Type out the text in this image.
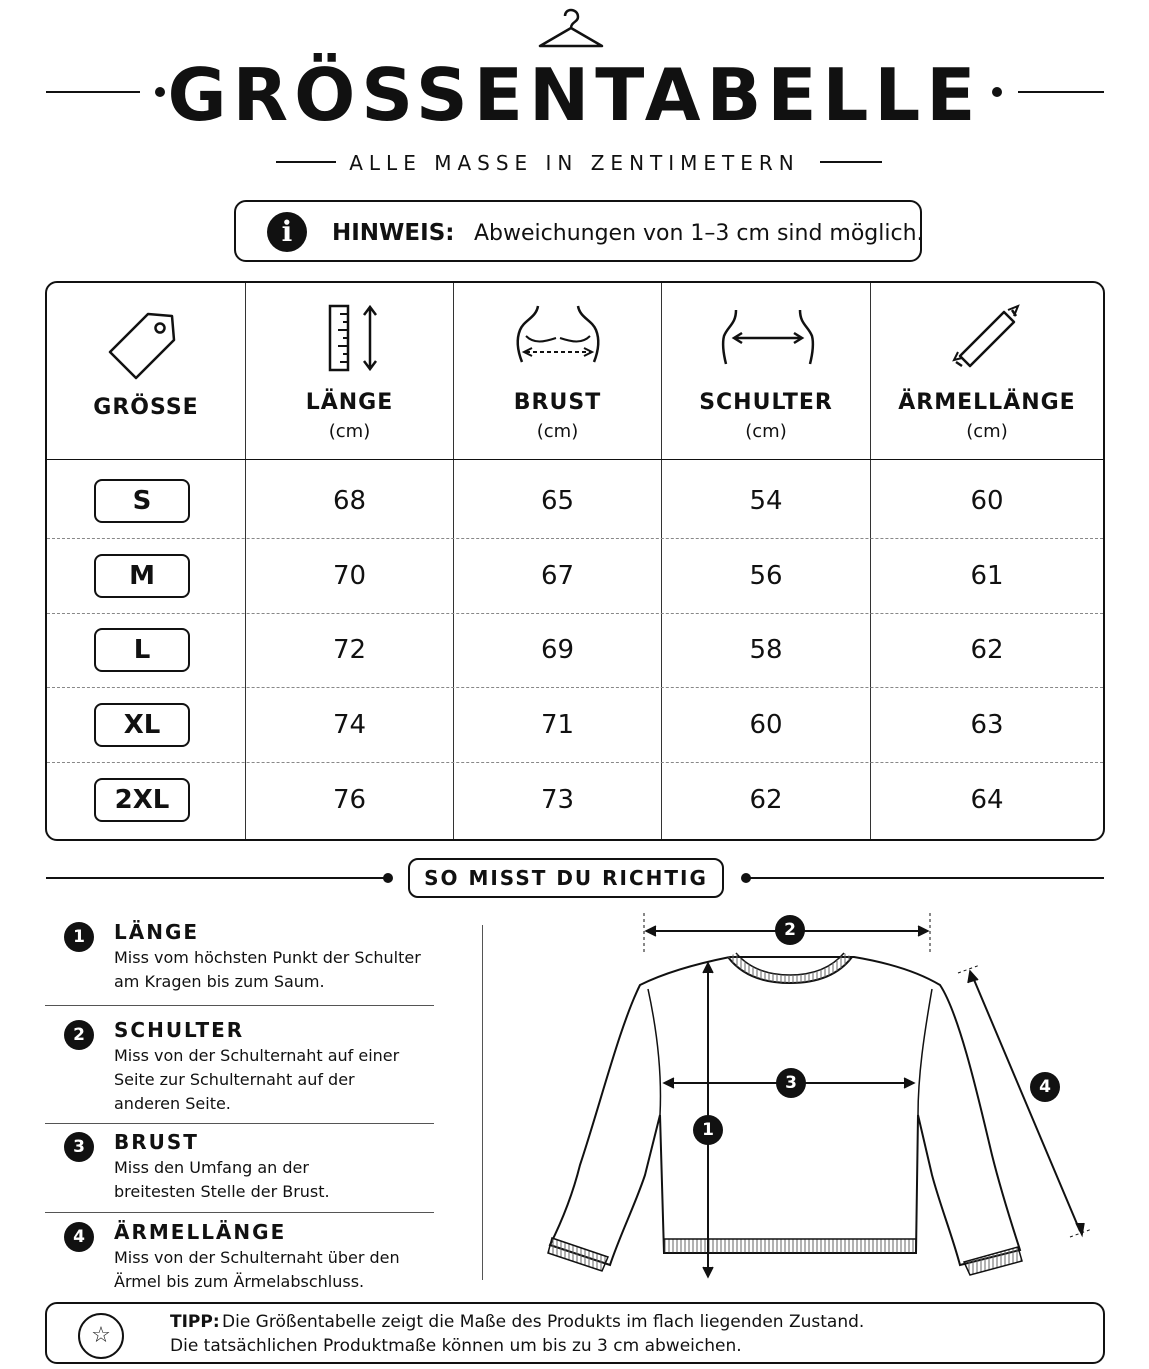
GRÖSSENTABELLE
ALLE MASSE IN ZENTIMETERN
i	HINWEIS: Abweichungen von 1–3 cm sind möglich.
GRÖSSE	LÄNGE
(cm)
BRUST
(cm)
SCHULTER
(cm)
ÄRMELLÄNGE
(cm)
S	68	65	54	60
M	70	67	56	61
L	72	69	58	62
XL	74	71	60	63
2XL	76	73	62	64
SO MISST DU RICHTIG
1	LÄNGE
Miss vom höchsten Punkt der Schulter
am Kragen bis zum Saum.
2	SCHULTER
Miss von der Schulternaht auf einer
Seite zur Schulternaht auf der
anderen Seite.
3	BRUST
Miss den Umfang an der
breitesten Stelle der Brust.
4	ÄRMELLÄNGE
Miss von der Schulternaht über den
Ärmel bis zum Ärmelabschluss.
2
1
3	4
☆
TIPP: Die Größentabelle zeigt die Maße des Produkts im flach liegenden Zustand.
Die tatsächlichen Produktmaße können um bis zu 3 cm abweichen.
